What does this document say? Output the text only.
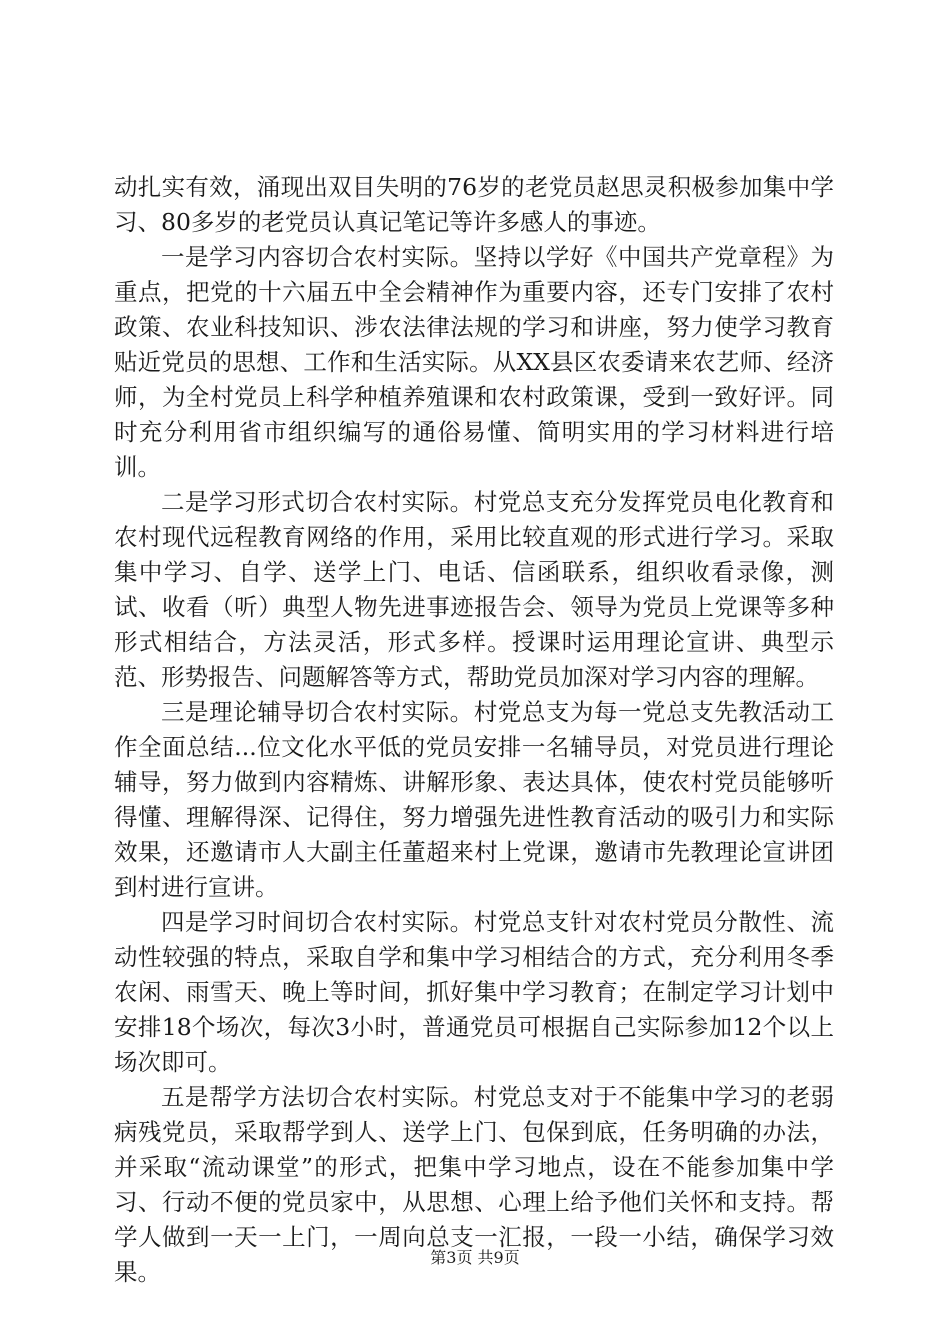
动扎实有效，涌现出双目失明的76岁的老党员赵思灵积极参加集中学习、80多岁的老党员认真记笔记等许多感人的事迹。

一是学习内容切合农村实际。坚持以学好《中国共产党章程》为重点，把党的十六届五中全会精神作为重要内容，还专门安排了农村政策、农业科技知识、涉农法律法规的学习和讲座，努力使学习教育贴近党员的思想、工作和生活实际。从XX县区农委请来农艺师、经济师，为全村党员上科学种植养殖课和农村政策课，受到一致好评。同时充分利用省市组织编写的通俗易懂、简明实用的学习材料进行培训。

二是学习形式切合农村实际。村党总支充分发挥党员电化教育和农村现代远程教育网络的作用，采用比较直观的形式进行学习。采取集中学习、自学、送学上门、电话、信函联系，组织收看录像，测试、收看（听）典型人物先进事迹报告会、领导为党员上党课等多种形式相结合，方法灵活，形式多样。授课时运用理论宣讲、典型示范、形势报告、问题解答等方式，帮助党员加深对学习内容的理解。

三是理论辅导切合农村实际。村党总支为每一党总支先教活动工作全面总结...位文化水平低的党员安排一名辅导员，对党员进行理论辅导，努力做到内容精炼、讲解形象、表达具体，使农村党员能够听得懂、理解得深、记得住，努力增强先进性教育活动的吸引力和实际效果，还邀请市人大副主任董超来村上党课，邀请市先教理论宣讲团到村进行宣讲。

四是学习时间切合农村实际。村党总支针对农村党员分散性、流动性较强的特点，采取自学和集中学习相结合的方式，充分利用冬季农闲、雨雪天、晚上等时间，抓好集中学习教育；在制定学习计划中安排18个场次，每次3小时，普通党员可根据自己实际参加12个以上场次即可。

五是帮学方法切合农村实际。村党总支对于不能集中学习的老弱病残党员，采取帮学到人、送学上门、包保到底，任务明确的办法，并采取“流动课堂”的形式，把集中学习地点，设在不能参加集中学习、行动不便的党员家中，从思想、心理上给予他们关怀和支持。帮学人做到一天一上门，一周向总支一汇报，一段一小结，确保学习效果。

第3页 共9页
